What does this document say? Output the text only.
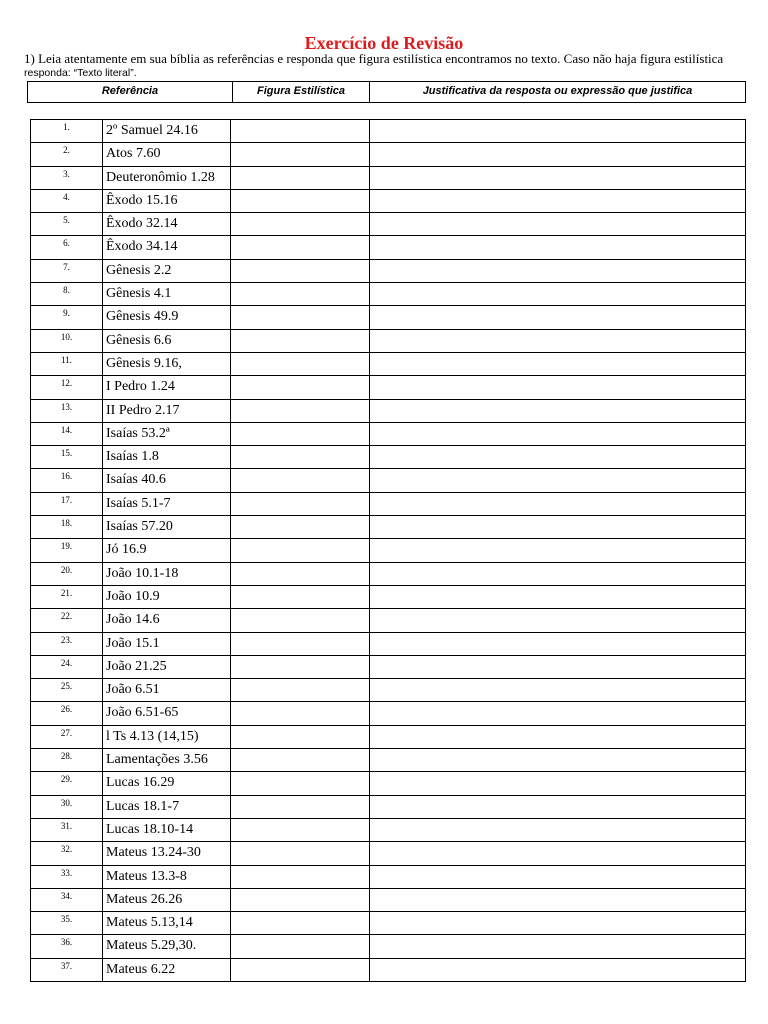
Exercício de Revisão
1) Leia atentamente em sua bíblia as referências e responda que figura estilística encontramos no texto. Caso não haja figura estilística
responda: “Texto literal”.
Referência	Figura Estilística	Justificativa da resposta ou expressão que justifica
1.	2º Samuel 24.16		
2.	Atos 7.60		
3.	Deuteronômio 1.28		
4.	Êxodo 15.16		
5.	Êxodo 32.14		
6.	Êxodo 34.14		
7.	Gênesis 2.2		
8.	Gênesis 4.1		
9.	Gênesis 49.9		
10.	Gênesis 6.6		
11.	Gênesis 9.16,		
12.	I Pedro 1.24		
13.	II Pedro 2.17		
14.	Isaías 53.2ª		
15.	Isaías 1.8		
16.	Isaías 40.6		
17.	Isaías 5.1-7		
18.	Isaías 57.20		
19.	Jó 16.9		
20.	João 10.1-18		
21.	João 10.9		
22.	João 14.6		
23.	João 15.1		
24.	João 21.25		
25.	João 6.51		
26.	João 6.51-65		
27.	l Ts 4.13 (14,15)		
28.	Lamentações 3.56		
29.	Lucas 16.29		
30.	Lucas 18.1-7		
31.	Lucas 18.10-14		
32.	Mateus 13.24-30		
33.	Mateus 13.3-8		
34.	Mateus 26.26		
35.	Mateus 5.13,14		
36.	Mateus 5.29,30.		
37.	Mateus 6.22		
